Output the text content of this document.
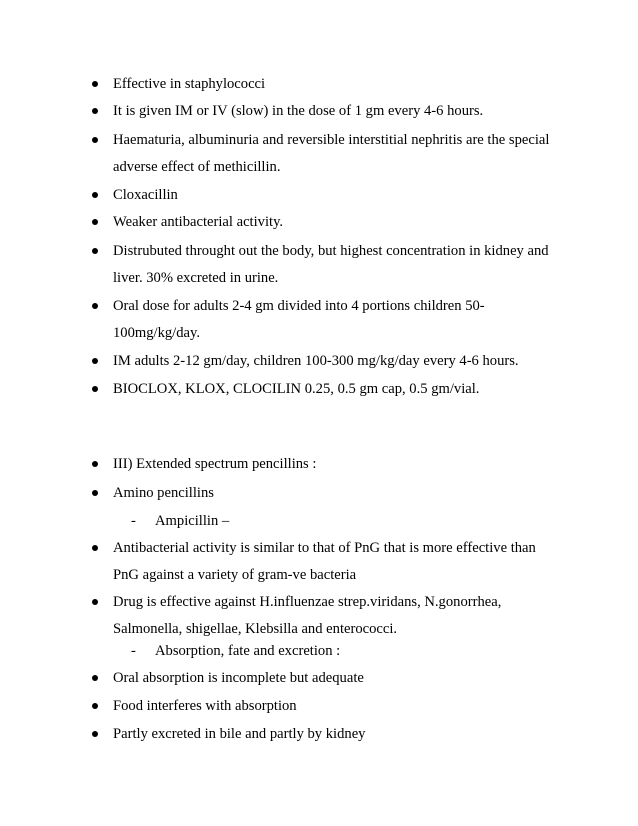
Effective in staphylococci
It is given IM or IV (slow) in the dose of 1 gm every 4-6 hours.
Haematuria, albuminuria and reversible interstitial nephritis are the special
adverse effect of methicillin.
Cloxacillin
Weaker antibacterial activity.
Distrubuted throught out the body, but highest concentration in kidney and
liver. 30% excreted in urine.
Oral dose for adults 2-4 gm divided into 4 portions children 50-
100mg/kg/day.
IM adults 2-12 gm/day, children 100-300 mg/kg/day every 4-6 hours.
BIOCLOX, KLOX, CLOCILIN 0.25, 0.5 gm cap, 0.5 gm/vial.
III) Extended spectrum pencillins :
Amino pencillins
- Ampicillin –
Antibacterial activity is similar to that of PnG that is more effective than
PnG against a variety of gram-ve bacteria
Drug is effective against H.influenzae strep.viridans, N.gonorrhea,
Salmonella, shigellae, Klebsilla and enterococci.
- Absorption, fate and excretion :
Oral absorption is incomplete but adequate
Food interferes with absorption
Partly excreted in bile and partly by kidney
